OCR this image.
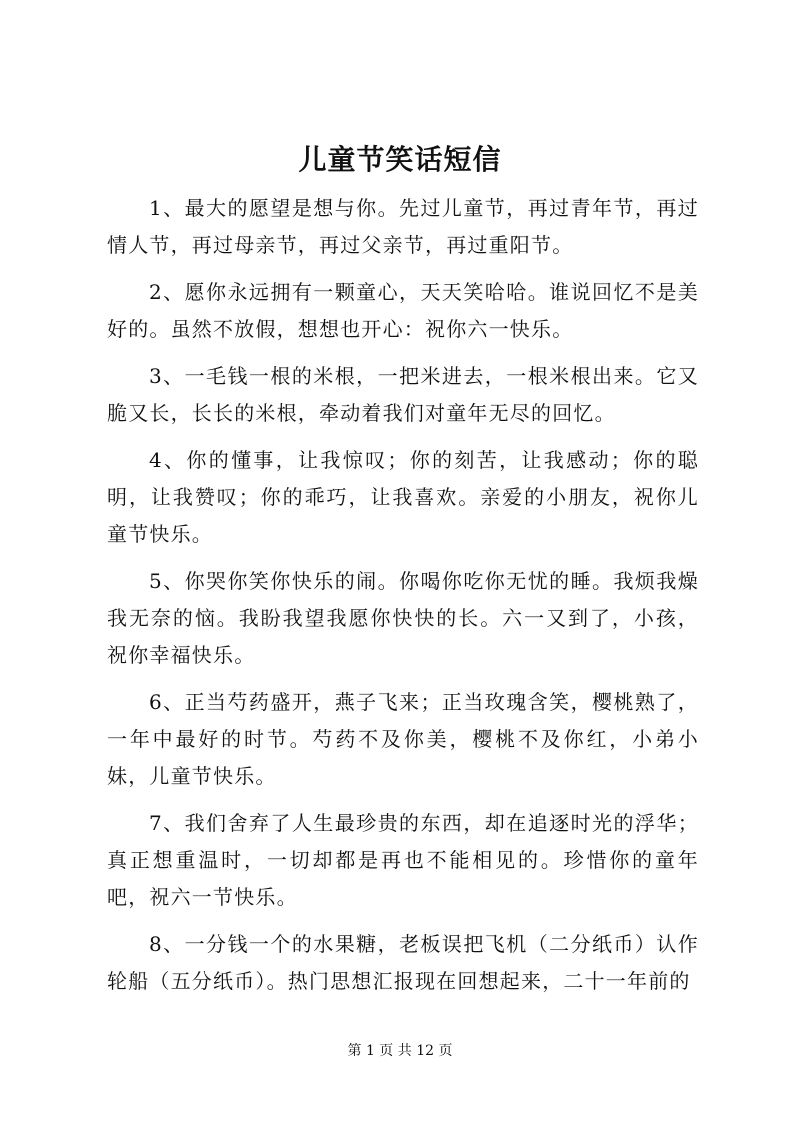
儿童节笑话短信

1、最大的愿望是想与你。先过儿童节，再过青年节，再过情人节，再过母亲节，再过父亲节，再过重阳节。

2、愿你永远拥有一颗童心，天天笑哈哈。谁说回忆不是美好的。虽然不放假，想想也开心：祝你六一快乐。

3、一毛钱一根的米根，一把米进去，一根米根出来。它又脆又长，长长的米根，牵动着我们对童年无尽的回忆。

4、你的懂事，让我惊叹；你的刻苦，让我感动；你的聪明，让我赞叹；你的乖巧，让我喜欢。亲爱的小朋友，祝你儿童节快乐。

5、你哭你笑你快乐的闹。你喝你吃你无忧的睡。我烦我燥我无奈的恼。我盼我望我愿你快快的长。六一又到了，小孩，祝你幸福快乐。

6、正当芍药盛开，燕子飞来；正当玫瑰含笑，樱桃熟了，一年中最好的时节。芍药不及你美，樱桃不及你红，小弟小妹，儿童节快乐。

7、我们舍弃了人生最珍贵的东西，却在追逐时光的浮华；真正想重温时，一切却都是再也不能相见的。珍惜你的童年吧，祝六一节快乐。

8、一分钱一个的水果糖，老板误把飞机（二分纸币）认作轮船（五分纸币）。热门思想汇报现在回想起来，二十一年前的

第 1 页 共 12 页
